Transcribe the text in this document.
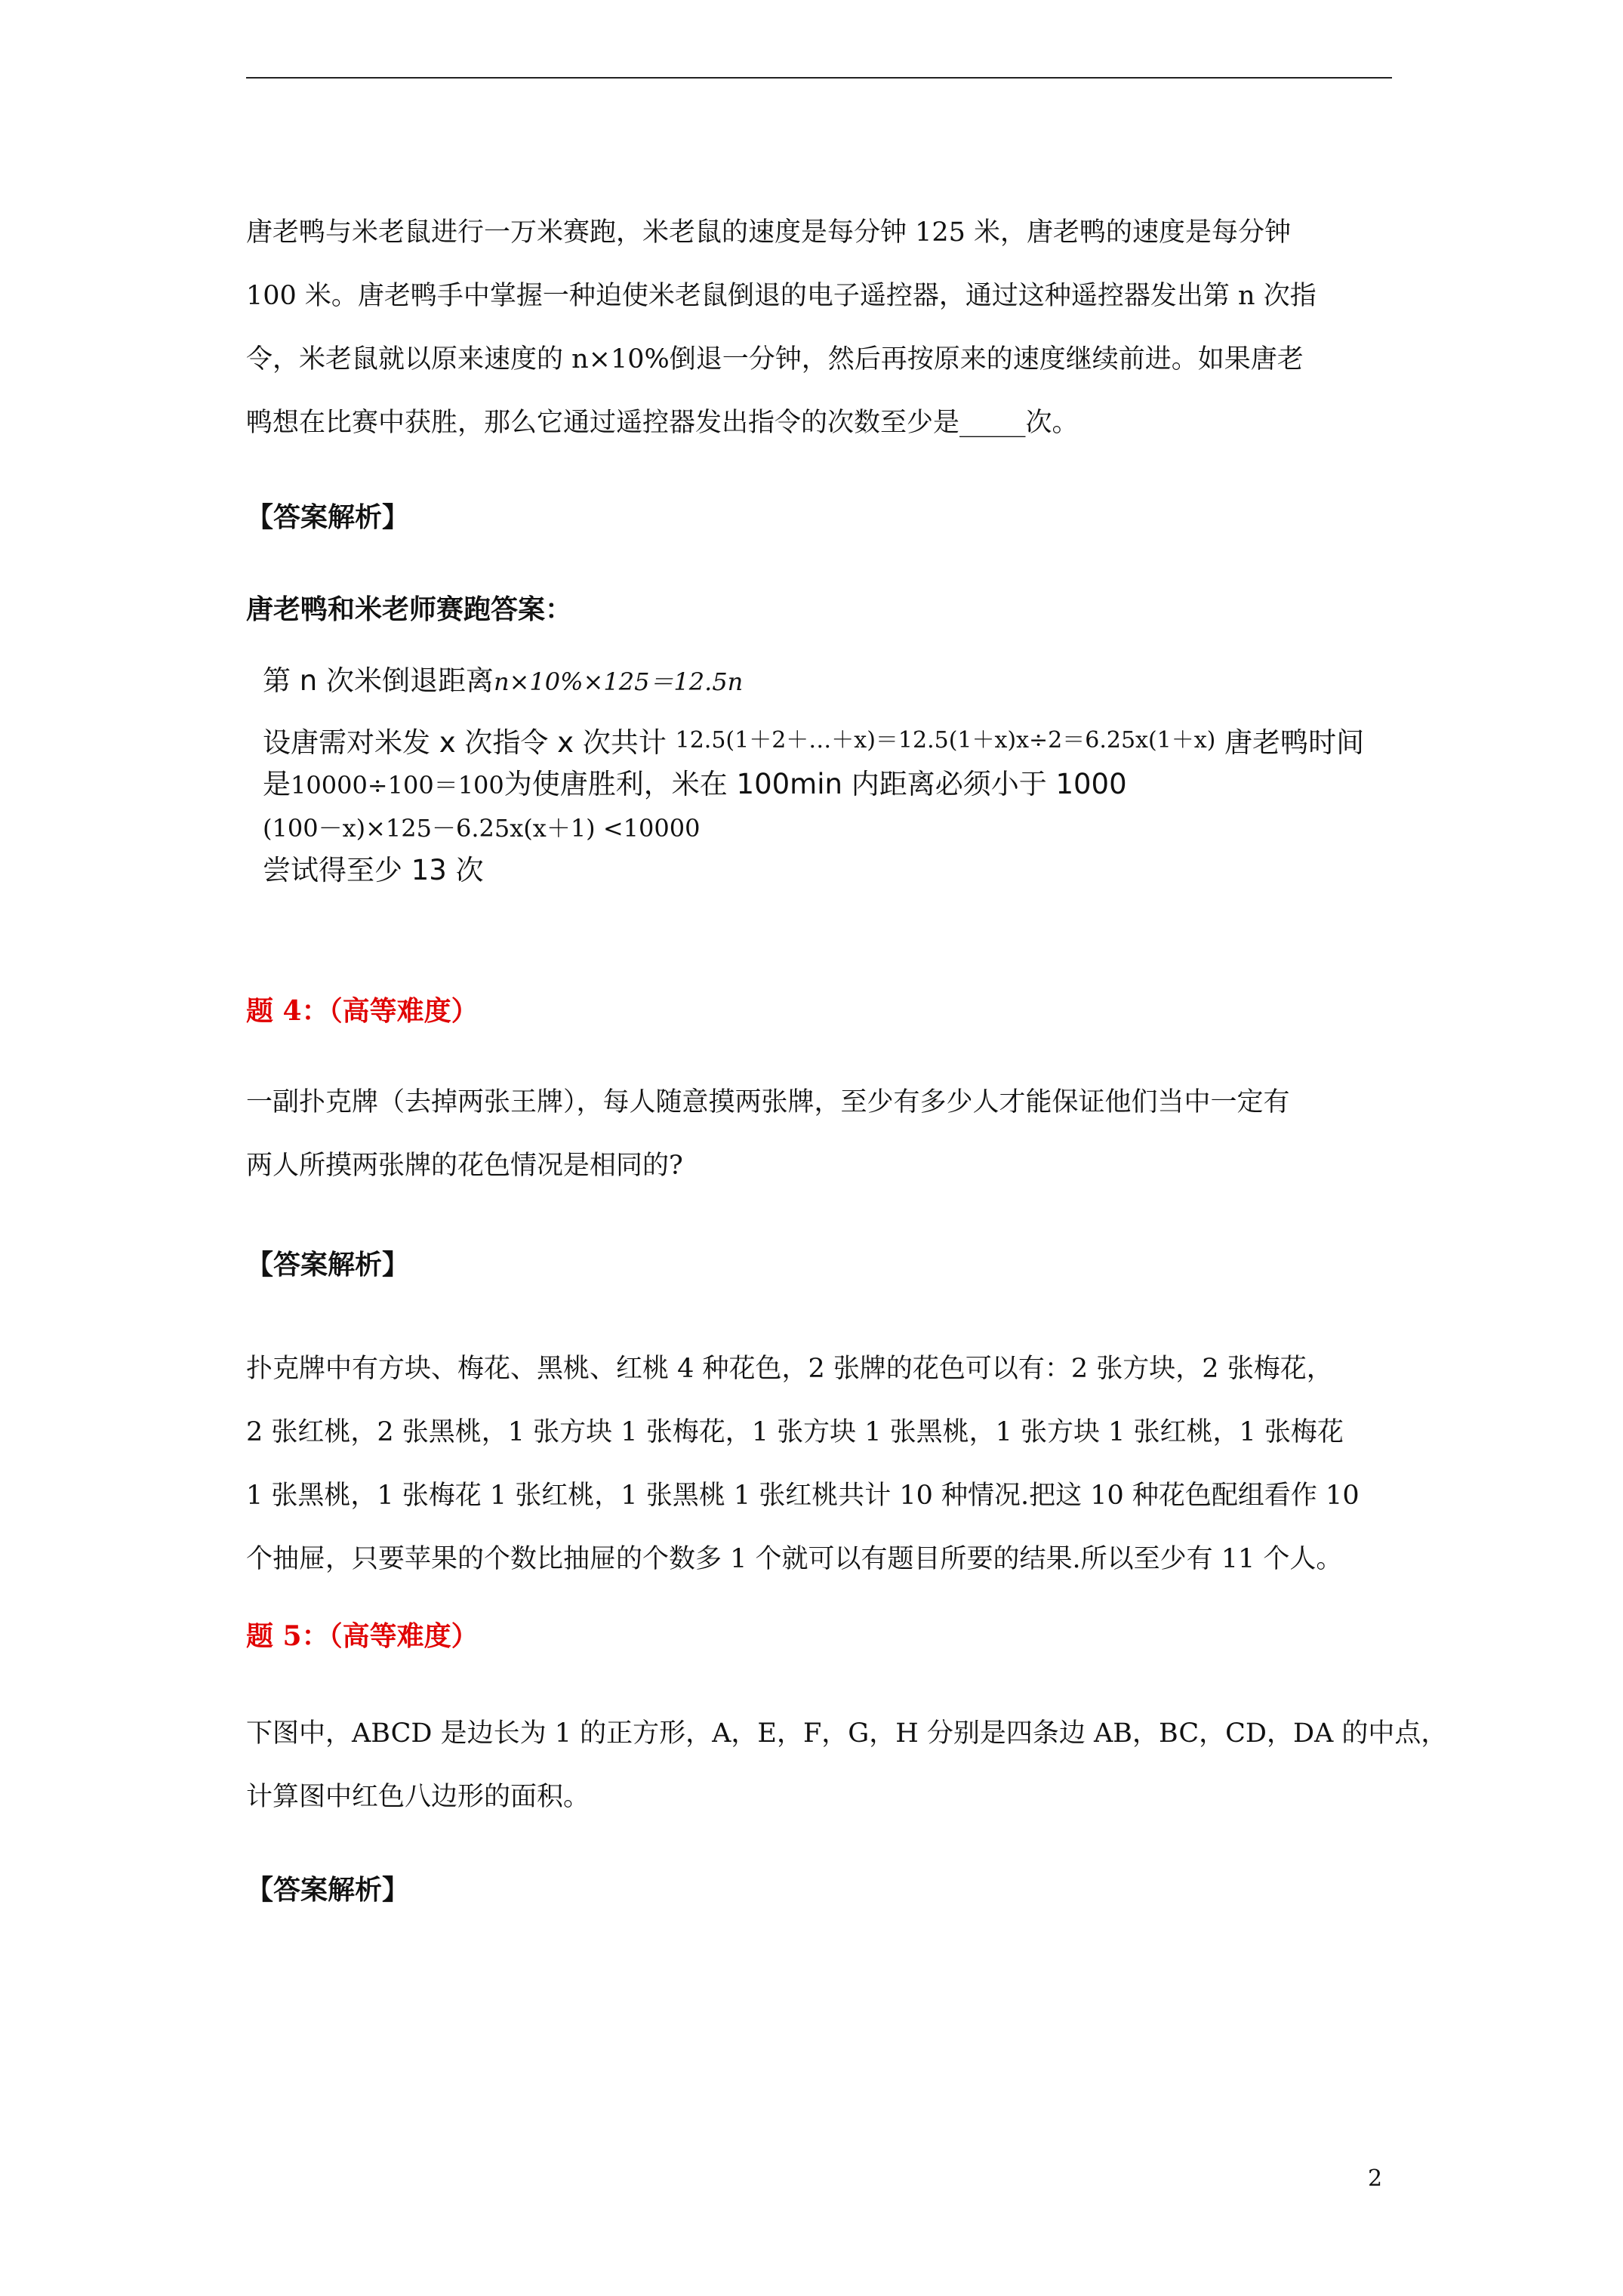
唐老鸭与米老鼠进行一万米赛跑，米老鼠的速度是每分钟 125 米，唐老鸭的速度是每分钟

100 米。唐老鸭手中掌握一种迫使米老鼠倒退的电子遥控器，通过这种遥控器发出第 n 次指

令，米老鼠就以原来速度的 n×10%倒退一分钟，然后再按原来的速度继续前进。如果唐老

鸭想在比赛中获胜，那么它通过遥控器发出指令的次数至少是_____次。

【答案解析】
唐老鸭和米老师赛跑答案：
第 n 次米倒退距离n×10%×125＝12.5n
设唐需对米发 x 次指令 x 次共计 12.5(1＋2＋…＋x)＝12.5(1＋x)x÷2＝6.25x(1＋x) 唐老鸭时间
是10000÷100＝100为使唐胜利，米在 100min 内距离必须小于 1000
(100－x)×125－6.25x(x＋1) <10000
尝试得至少 13 次
题 4：（高等难度）

一副扑克牌（去掉两张王牌），每人随意摸两张牌，至少有多少人才能保证他们当中一定有

两人所摸两张牌的花色情况是相同的?

【答案解析】

扑克牌中有方块、梅花、黑桃、红桃 4 种花色，2 张牌的花色可以有：2 张方块，2 张梅花，

2 张红桃，2 张黑桃，1 张方块 1 张梅花，1 张方块 1 张黑桃，1 张方块 1 张红桃，1 张梅花

1 张黑桃，1 张梅花 1 张红桃，1 张黑桃 1 张红桃共计 10 种情况.把这 10 种花色配组看作 10

个抽屉，只要苹果的个数比抽屉的个数多 1 个就可以有题目所要的结果.所以至少有 11 个人。

题 5：（高等难度）

下图中，ABCD 是边长为 1 的正方形，A，E，F，G，H 分别是四条边 AB，BC，CD，DA 的中点，

计算图中红色八边形的面积。

【答案解析】
2
